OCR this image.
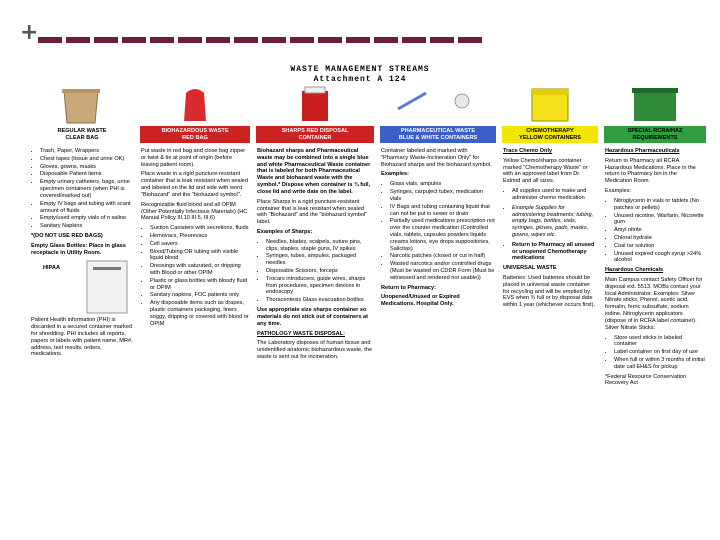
+
WASTE MANAGEMENT STREAMS
Attachment A 124
REGULAR WASTE
CLEAR BAG
• Trash, Paper, Wrappers
• Chest tapes (tissue and urine OK)
• Gloves, gowns, masks
• Disposable Patient items
• Empty urinary catheters, bags, urine specimen containers (when PHI is covered/marked out)
• Empty IV bags and tubing with scant amount of fluids
• Empty/used empty vials of n saline
• Sanitary Napkins

*(DO NOT USE RED BAGS)

Empty Glass Bottles: Place in glass receptacle in Utility Room.

HIPAA

Patient Health information (PHI) is discarded in a secured container marked for shredding. PHI includes all reports, papers or labels with patient name, MR#, address, test results, orders, medications.

BIOHAZARDOUS WASTE
RED BAG

Put waste in red bag and close bag zipper or twist & tie at point of origin (before leaving patient room).

Place waste in a rigid puncture-resistant container that is leak resistant when sealed and labeled on the lid and side with word "Biohazard" and the "biohazard symbol".

Recognizable fluid blood and all OPIM (Other Potentially Infectious Materials) (HC Manual Policy III.10 III 5, III.6)

• Suction Canisters with secretions, fluids
• Hemovacs, Pleurevacs
• Cell savers
• Blood/Tubing OR tubing with visible liquid blood
• Dressings with saturated, or dripping with Blood or other OPIM
• Plastic or glass bottles with bloody fluid or OPIM
• Sanitary napkins, FOC patients only
• Any disposable items such as drapes, plastic containers packaging, liners soggy, dripping or covered with blood or OPIM
SHARPS RED DISPOSAL
CONTAINER

Biohazard sharps and Pharmaceutical waste may be combined into a single blue and white Pharmaceutical Waste container that is labeled for both Pharmaceutical Waste and biohazard waste with the symbol.* Dispose when container is ¾ full, close lid and write date on the label.

Place Sharps in a rigid puncture-resistant container that is leak resistant when sealed with "Biohazard" and the "biohazard symbol" label.

Examples of Sharps:

• Needles, blades, scalpels, suture pins, clips, staples, staple guns, IV spikes
• Syringes, tubes, ampules, packaged needles
• Disposable Scissors, forceps
• Trocars introducers, guide wires, sharps from procedures, specimen devices in endoscopy
• Thoracentesis Glass evacuation bottles

Use appropriate size sharps container so materials do not stick out of containers at any time.

PATHOLOGY WASTE DISPOSAL:

The Laboratory disposes of human tissue and unidentified anatomic biohazardous waste, the waste is sent out for incineration.

PHARMACEUTICAL WASTE
BLUE & WHITE CONTAINERS

Container labeled and marked with "Pharmacy Waste-Incineration Only" for Biohazard sharps and the biohazard symbol.

Examples:

• Glass vials, ampules
• Syringes, carpuject tubex, medication vials
• IV Bags and tubing containing liquid that can not be put in sewer or drain
• Partially used medications prescription not over the counter medication (Controlled vials, tablets, capsules powders liquids creams lotions, eye drops suppositories, Salicitas)
• Narcotic patches (closed or cut in half)
• Wasted narcotics and/or controlled drugs (Must be wasted on CDDR Form (Must be witnessed and rendered not usable))

Return to Pharmacy:

Unopened/Unused or Expired Medications. Hospital Only.

CHEMOTHERAPY
YELLOW CONTAINERS

Trace Chemo Only

Yellow Chemo/sharps container marked "Chemotherapy Waste" or with an approved label from Dr. Estrind and all sizes.

• All supplies used to make and administer chemo medication
• Example Supplies for administering treatments: tubing, empty bags, bottles, vials, syringes, gloves, pads, masks, gowns, wipes etc.
• Return to Pharmacy all unused or unopened Chemotherapy medications

UNIVERSAL WASTE

Batteries: Used batteries should be placed in universal waste container for recycling and will be emptied by EVS when ¾ full or by disposal date within 1 year (whichever occurs first).

SPECIAL RCRA/HAZ REQUIREMENTS

Hazardous Pharmaceuticals

Return to Pharmacy all RCRA Hazardous Medications. Place in the return to Pharmacy bin in the Medication Room.

Examples:

• Nitroglycerin in vials or tablets (No patches or pellets)
• Unused nicotine, Warfarin, Nicorette gum
• Amyl nitrite
• Chloral hydrate
• Coal tar solution
• Unused expired cough syrup >24% alcohol

Hazardous Chemicals

Main Campus contact Safety Officer for disposal ext. 5513. MOBs contact your local Administrator. Examples: Silver Nitrate sticks, Phenol, acetic acid, formalin, ferric subsulfate, sodium iodine. Nitroglycerin applicators (dispose of in RCRA label container). Silver Nitrate Sticks:

• Store used sticks in labeled container
• Label container on first day of use
• When full or within 3 months of initial date call EH&S for pickup

*Federal Resource Conservation Recovery Act
